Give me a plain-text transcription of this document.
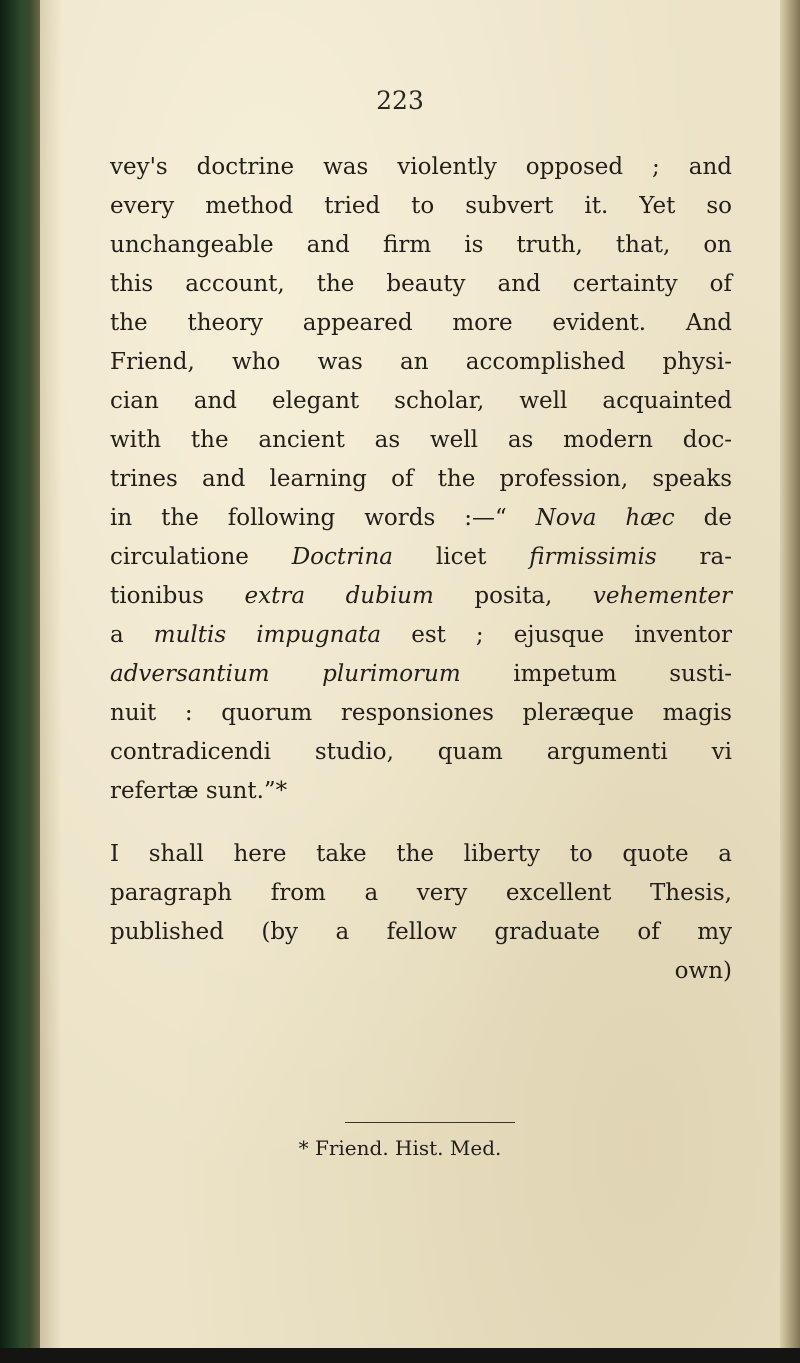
223
vey's doctrine was violently opposed ; and
every method tried to subvert it. Yet so
unchangeable and firm is truth, that, on
this account, the beauty and certainty of
the theory appeared more evident. And
Friend, who was an accomplished physi-
cian and elegant scholar, well acquainted
with the ancient as well as modern doc-
trines and learning of the profession, speaks
in the following words :—“ Nova hæc de
circulatione Doctrina licet firmissimis ra-
tionibus extra dubium posita, vehementer
a multis impugnata est ; ejusque inventor
adversantium plurimorum impetum susti-
nuit : quorum responsiones pleræque magis
contradicendi studio, quam argumenti vi
refertæ sunt.”*
I shall here take the liberty to quote a
paragraph from a very excellent Thesis,
published (by a fellow graduate of my
own)
* Friend. Hist. Med.
